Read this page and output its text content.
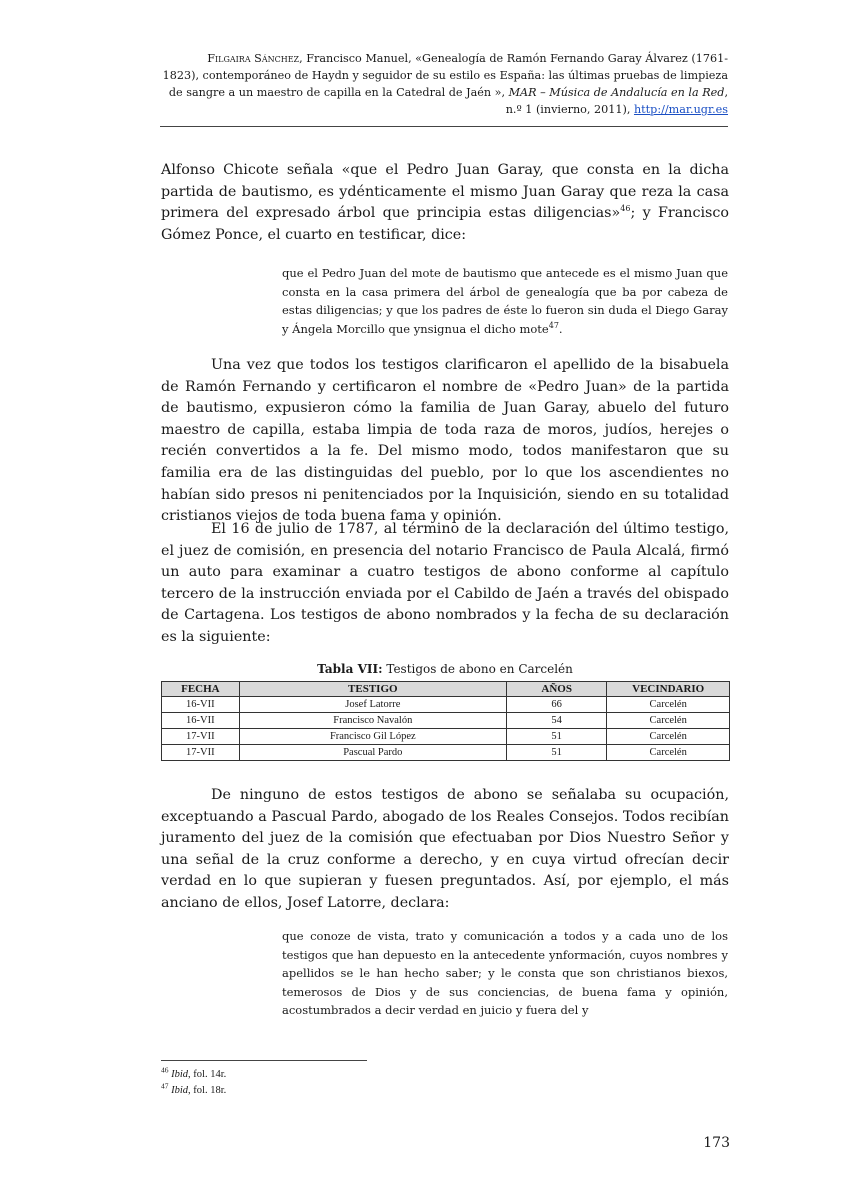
Filgaira Sánchez, Francisco Manuel, «Genealogía de Ramón Fernando Garay Álvarez (1761-
1823), contemporáneo de Haydn y seguidor de su estilo es España: las últimas pruebas de limpieza
de sangre a un maestro de capilla en la Catedral de Jaén », MAR – Música de Andalucía en la Red,
n.º 1 (invierno, 2011), http://mar.ugr.es

Alfonso Chicote señala «que el Pedro Juan Garay, que consta en la dicha partida de bautismo, es ydénticamente el mismo Juan Garay que reza la casa primera del expresado árbol que principia estas diligencias»$^{46}$; y Francisco Gómez Ponce, el cuarto en testificar, dice:

que el Pedro Juan del mote de bautismo que antecede es el mismo Juan que consta en la casa primera del árbol de genealogía que ba por cabeza de estas diligencias; y que los padres de éste lo fueron sin duda el Diego Garay y Ángela Morcillo que ynsignua el dicho mote$^{47}$.

Una vez que todos los testigos clarificaron el apellido de la bisabuela de Ramón Fernando y certificaron el nombre de «Pedro Juan» de la partida de bautismo, expusieron cómo la familia de Juan Garay, abuelo del futuro maestro de capilla, estaba limpia de toda raza de moros, judíos, herejes o recién convertidos a la fe. Del mismo modo, todos manifestaron que su familia era de las distinguidas del pueblo, por lo que los ascendientes no habían sido presos ni penitenciados por la Inquisición, siendo en su totalidad cristianos viejos de toda buena fama y opinión.

El 16 de julio de 1787, al término de la declaración del último testigo, el juez de comisión, en presencia del notario Francisco de Paula Alcalá, firmó un auto para examinar a cuatro testigos de abono conforme al capítulo tercero de la instrucción enviada por el Cabildo de Jaén a través del obispado de Cartagena. Los testigos de abono nombrados y la fecha de su declaración es la siguiente:

Tabla VII: Testigos de abono en Carcelén
FECHA	TESTIGO	AÑOS	VECINDARIO
16-VII	Josef Latorre	66	Carcelén
16-VII	Francisco Navalón	54	Carcelén
17-VII	Francisco Gil López	51	Carcelén
17-VII	Pascual Pardo	51	Carcelén

De ninguno de estos testigos de abono se señalaba su ocupación, exceptuando a Pascual Pardo, abogado de los Reales Consejos. Todos recibían juramento del juez de la comisión que efectuaban por Dios Nuestro Señor y una señal de la cruz conforme a derecho, y en cuya virtud ofrecían decir verdad en lo que supieran y fuesen preguntados. Así, por ejemplo, el más anciano de ellos, Josef Latorre, declara:

que conoze de vista, trato y comunicación a todos y a cada uno de los testigos que han depuesto en la antecedente ynformación, cuyos nombres y apellidos se le han hecho saber; y le consta que son christianos biexos, temerosos de Dios y de sus conciencias, de buena fama y opinión, acostumbrados a decir verdad en juicio y fuera del y

$^{46}$ Ibid, fol. 14r.
$^{47}$ Ibid, fol. 18r.
173
